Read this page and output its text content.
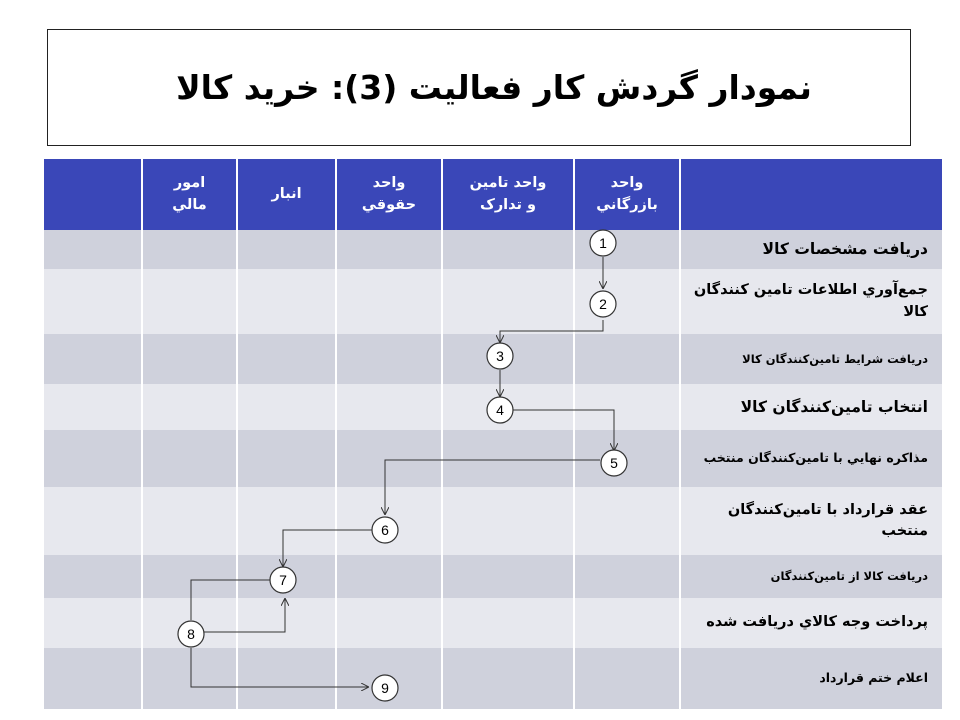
نمودار گردش کار فعاليت (3): خريد کالا
امور
مالي
انبار
واحد
حقوقي
واحد تامين
و تدارک
واحد
بازرگاني
دريافت مشخصات کالا
جمع‌آوري اطلاعات تامين کنندگان کالا
دريافت شرايط تامين‌کنندگان کالا
انتخاب تامين‌کنندگان کالا
مذاکره نهايي با تامين‌کنندگان منتخب
عقد قرارداد با تامين‌کنندگان منتخب
دريافت کالا از تامين‌کنندگان
پرداخت وجه کالاي دريافت شده
اعلام ختم قرارداد
1
2
3
4
5
6
7
8
9
